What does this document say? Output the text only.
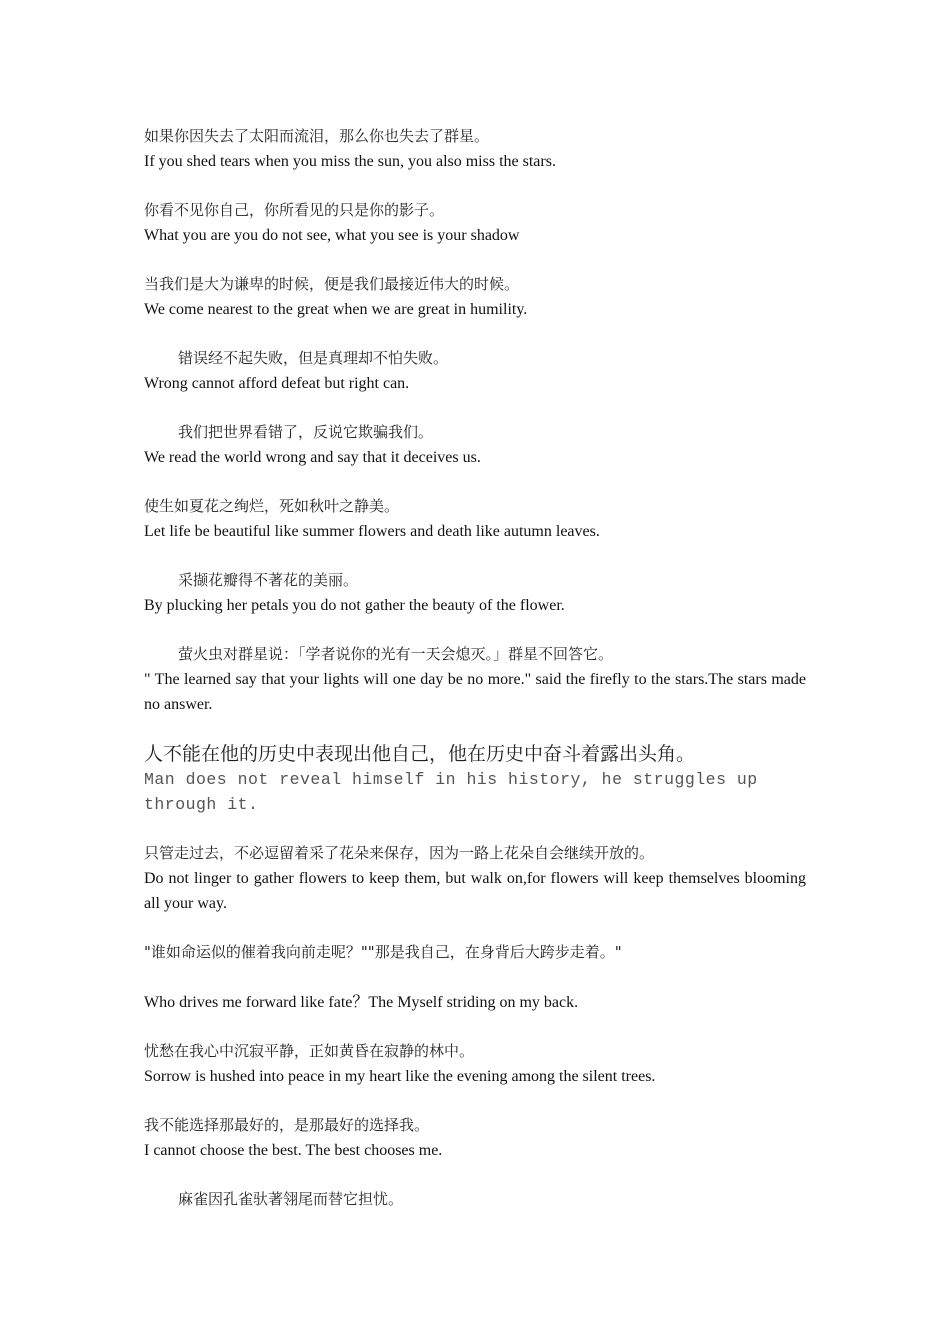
如果你因失去了太阳而流泪，那么你也失去了群星。

If you shed tears when you miss the sun, you also miss the stars.

你看不见你自己，你所看见的只是你的影子。

What you are you do not see, what you see is your shadow

当我们是大为谦卑的时候，便是我们最接近伟大的时候。

We come nearest to the great when we are great in humility.

错误经不起失败，但是真理却不怕失败。

Wrong cannot afford defeat but right can.

我们把世界看错了，反说它欺骗我们。

We read the world wrong and say that it deceives us.

使生如夏花之绚烂，死如秋叶之静美。

Let life be beautiful like summer flowers and death like autumn leaves.

采撷花瓣得不著花的美丽。

By plucking her petals you do not gather the beauty of the flower.

萤火虫对群星说：「学者说你的光有一天会熄灭。」群星不回答它。

" The learned say that your lights will one day be no more." said the firefly to the stars.The stars made no answer.

人不能在他的历史中表现出他自己，他在历史中奋斗着露出头角。

Man does not reveal himself in his history, he struggles up through it.

只管走过去，不必逗留着采了花朵来保存，因为一路上花朵自会继续开放的。

Do not linger to gather flowers to keep them, but walk on,for flowers will keep themselves blooming all your way.

"谁如命运似的催着我向前走呢？""那是我自己，在身背后大跨步走着。"

Who drives me forward like fate？The Myself striding on my back.

忧愁在我心中沉寂平静，正如黄昏在寂静的林中。

Sorrow is hushed into peace in my heart like the evening among the silent trees.

我不能选择那最好的，是那最好的选择我。

I cannot choose the best. The best chooses me.

麻雀因孔雀驮著翎尾而替它担忧。
